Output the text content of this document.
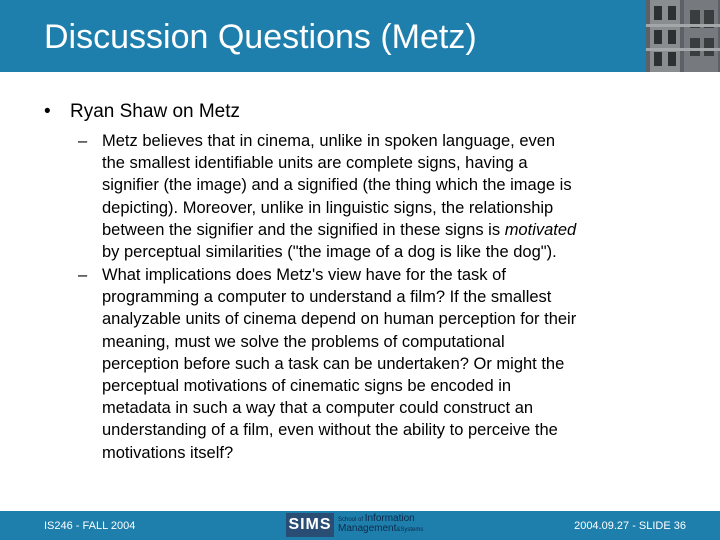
Discussion Questions (Metz)
• Ryan Shaw on Metz
– Metz believes that in cinema, unlike in spoken language, even
the smallest identifiable units are complete signs, having a
signifier (the image) and a signified (the thing which the image is
depicting). Moreover, unlike in linguistic signs, the relationship
between the signifier and the signified in these signs is motivated
by perceptual similarities ("the image of a dog is like the dog").
– What implications does Metz's view have for the task of
programming a computer to understand a film? If the smallest
analyzable units of cinema depend on human perception for their
meaning, must we solve the problems of computational
perception before such a task can be undertaken? Or might the
perceptual motivations of cinematic signs be encoded in
metadata in such a way that a computer could construct an
understanding of a film, even without the ability to perceive the
motivations itself?
IS246 - FALL 2004	SIMS	School of Information
Management&Systems	2004.09.27 - SLIDE 36
